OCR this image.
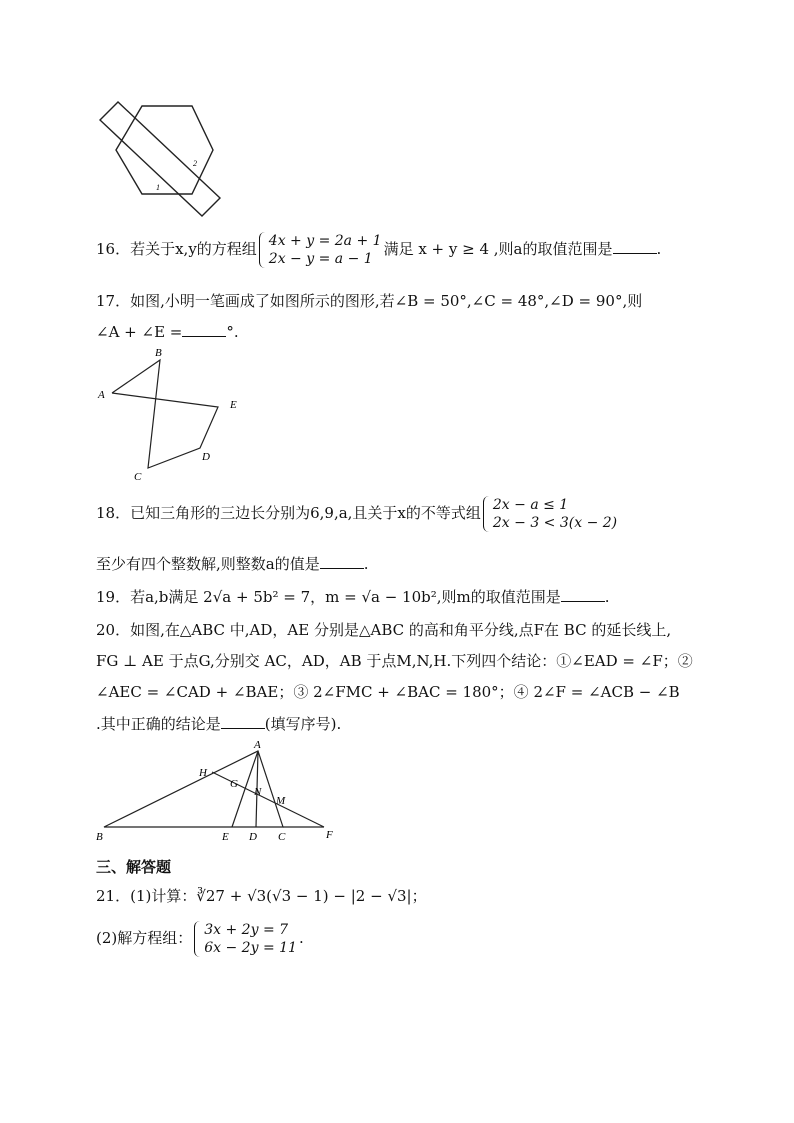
1
2
16．若关于x,y的方程组 4x + y = 2a + 1
2x − y = a − 1
满足 x + y ≥ 4 ,则a的取值范围是	.
17．如图,小明一笔画成了如图所示的图形,若∠B = 50°,∠C = 48°,∠D = 90°,则
∠A + ∠E =	°.
A
B
C
D
E
18．已知三角形的三边长分别为6,9,a,且关于x的不等式组 2x − a ≤ 1
2x − 3 < 3(x − 2)
至少有四个整数解,则整数a的值是	.
19．若a,b满足 2√a + 5b² = 7，m = √a − 10b²,则m的取值范围是	.
20．如图,在△ABC 中,AD，AE 分别是△ABC 的高和角平分线,点F在 BC 的延长线上,
FG ⊥ AE 于点G,分别交 AC，AD，AB 于点M,N,H.下列四个结论：①∠EAD = ∠F；②
∠AEC = ∠CAD + ∠BAE；③ 2∠FMC + ∠BAC = 180°；④ 2∠F = ∠ACB − ∠B
.其中正确的结论是	(填写序号).
A
B	E D C	F
H
G
N
M
三、解答题
21．(1)计算：∛27 + √3(√3 − 1) − |2 − √3|；
(2)解方程组： 3x + 2y = 7
6x − 2y = 11
.
